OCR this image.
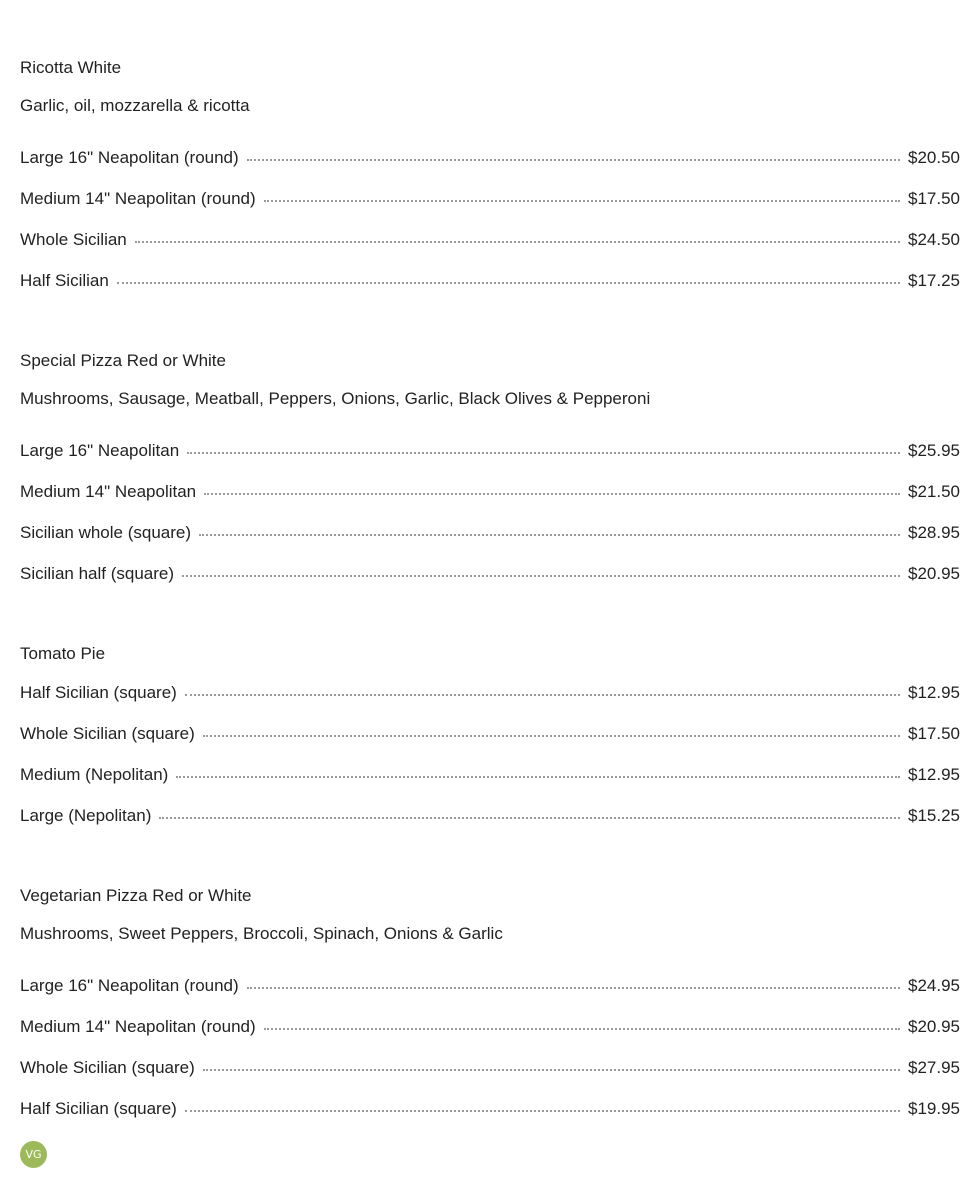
Ricotta White

Garlic, oil, mozzarella & ricotta

Large 16" Neapolitan (round)	$20.50
Medium 14" Neapolitan (round)	$17.50
Whole Sicilian	$24.50
Half Sicilian	$17.25
Special Pizza Red or White

Mushrooms, Sausage, Meatball, Peppers, Onions, Garlic, Black Olives & Pepperoni

Large 16" Neapolitan	$25.95
Medium 14" Neapolitan	$21.50
Sicilian whole (square)	$28.95
Sicilian half (square)	$20.95
Tomato Pie
Half Sicilian (square)	$12.95
Whole Sicilian (square)	$17.50
Medium (Nepolitan)	$12.95
Large (Nepolitan)	$15.25
Vegetarian Pizza Red or White

Mushrooms, Sweet Peppers, Broccoli, Spinach, Onions & Garlic

Large 16" Neapolitan (round)	$24.95
Medium 14" Neapolitan (round)	$20.95
Whole Sicilian (square)	$27.95
Half Sicilian (square)	$19.95
VG
